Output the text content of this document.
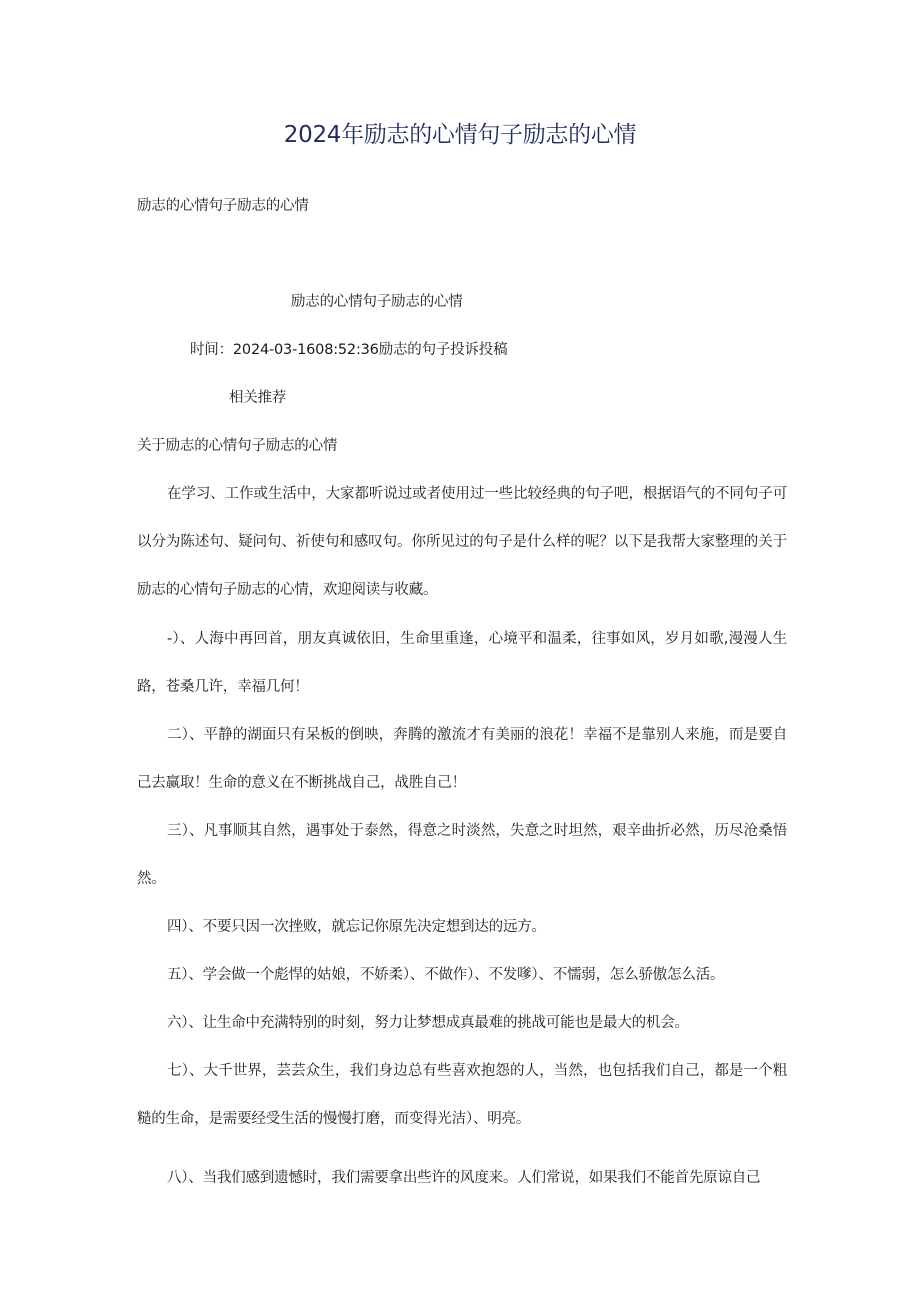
2024年励志的心情句子励志的心情
励志的心情句子励志的心情
励志的心情句子励志的心情
时间：2024-03-1608:52:36励志的句子投诉投稿
相关推荐
关于励志的心情句子励志的心情

在学习、工作或生活中，大家都听说过或者使用过一些比较经典的句子吧，根据语气的不同句子可以分为陈述句、疑问句、祈使句和感叹句。你所见过的句子是什么样的呢？以下是我帮大家整理的关于励志的心情句子励志的心情，欢迎阅读与收藏。

-）、人海中再回首，朋友真诚依旧，生命里重逢，心境平和温柔，往事如风，岁月如歌,漫漫人生路，苍桑几许，幸福几何！

二）、平静的湖面只有呆板的倒映，奔腾的激流才有美丽的浪花！幸福不是靠别人来施，而是要自己去赢取！生命的意义在不断挑战自己，战胜自己！

三）、凡事顺其自然，遇事处于泰然，得意之时淡然，失意之时坦然，艰辛曲折必然，历尽沧桑悟然。

四）、不要只因一次挫败，就忘记你原先决定想到达的远方。

五）、学会做一个彪悍的姑娘，不娇柔）、不做作）、不发嗲）、不懦弱，怎么骄傲怎么活。

六）、让生命中充满特别的时刻，努力让梦想成真最难的挑战可能也是最大的机会。

七）、大千世界，芸芸众生，我们身边总有些喜欢抱怨的人，当然，也包括我们自己，都是一个粗糙的生命，是需要经受生活的慢慢打磨，而变得光洁）、明亮。

八）、当我们感到遗憾时，我们需要拿出些许的风度来。人们常说，如果我们不能首先原谅自己
